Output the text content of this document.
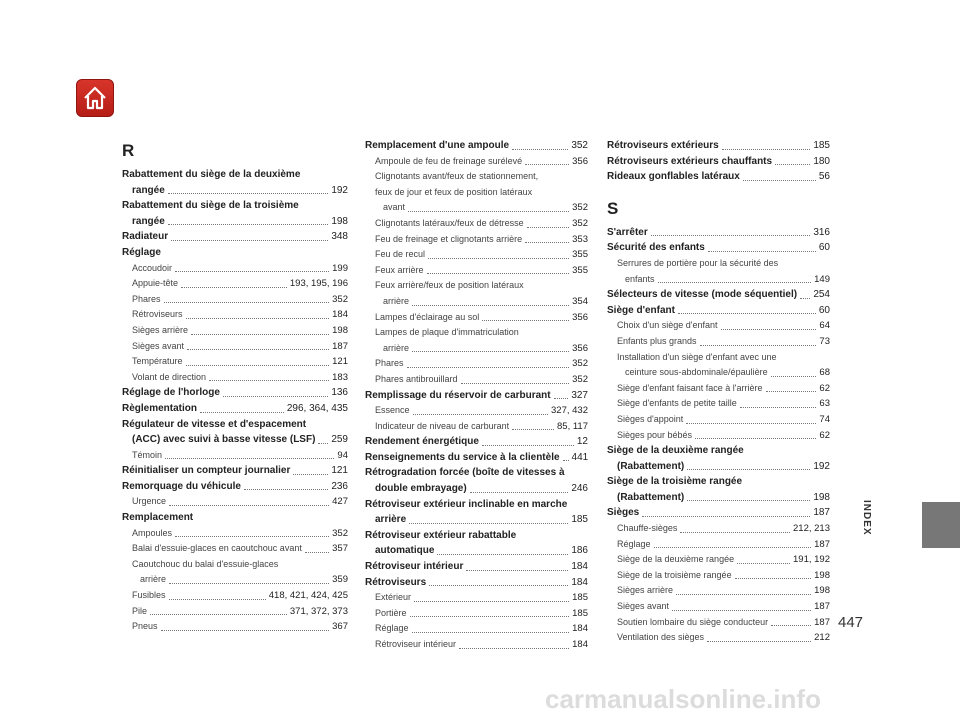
R
Rabattement du siège de la deuxième
rangée	192
Rabattement du siège de la troisième
rangée	198
Radiateur	348
Réglage
Accoudoir	199
Appuie-tête	193, 195, 196
Phares	352
Rétroviseurs	184
Sièges arrière	198
Sièges avant	187
Température	121
Volant de direction	183
Réglage de l'horloge	136
Règlementation	296, 364, 435
Régulateur de vitesse et d'espacement
(ACC) avec suivi à basse vitesse (LSF) 259
Témoin	94
Réinitialiser un compteur journalier	121
Remorquage du véhicule	236
Urgence	427
Remplacement
Ampoules	352
Balai d'essuie-glaces en caoutchouc avant	357
Caoutchouc du balai d'essuie-glaces
arrière	359
Fusibles	418, 421, 424, 425
Pile	371, 372, 373
Pneus	367
Remplacement d'une ampoule	352
Ampoule de feu de freinage surélevé	356
Clignotants avant/feux de stationnement,
feux de jour et feux de position latéraux
avant	352
Clignotants latéraux/feux de détresse	352
Feu de freinage et clignotants arrière	353
Feu de recul	355
Feux arrière	355
Feux arrière/feux de position latéraux
arrière	354
Lampes d'éclairage au sol	356
Lampes de plaque d'immatriculation
arrière	356
Phares	352
Phares antibrouillard	352
Remplissage du réservoir de carburant 327
Essence	327, 432
Indicateur de niveau de carburant	85, 117
Rendement énergétique	12
Renseignements du service à la clientèle 441
Rétrogradation forcée (boîte de vitesses à
double embrayage)	246
Rétroviseur extérieur inclinable en marche
arrière	185
Rétroviseur extérieur rabattable
automatique	186
Rétroviseur intérieur	184
Rétroviseurs	184
Extérieur	185
Portière	185
Réglage	184
Rétroviseur intérieur	184
Rétroviseurs extérieurs	185
Rétroviseurs extérieurs chauffants	180
Rideaux gonflables latéraux	56
S
S'arrêter	316
Sécurité des enfants	60
Serrures de portière pour la sécurité des
enfants	149
Sélecteurs de vitesse (mode séquentiel) 254
Siège d'enfant	60
Choix d'un siège d'enfant	64
Enfants plus grands	73
Installation d'un siège d'enfant avec une
ceinture sous-abdominale/épaulière	68
Siège d'enfant faisant face à l'arrière	62
Siège d'enfants de petite taille	63
Sièges d'appoint	74
Sièges pour bébés	62
Siège de la deuxième rangée
(Rabattement)	192
Siège de la troisième rangée
(Rabattement)	198
Sièges	187
Chauffe-sièges	212, 213
Réglage	187
Siège de la deuxième rangée	191, 192
Siège de la troisième rangée	198
Sièges arrière	198
Sièges avant	187
Soutien lombaire du siège conducteur	187
Ventilation des sièges	212
INDEX
447
carmanualsonline.info
